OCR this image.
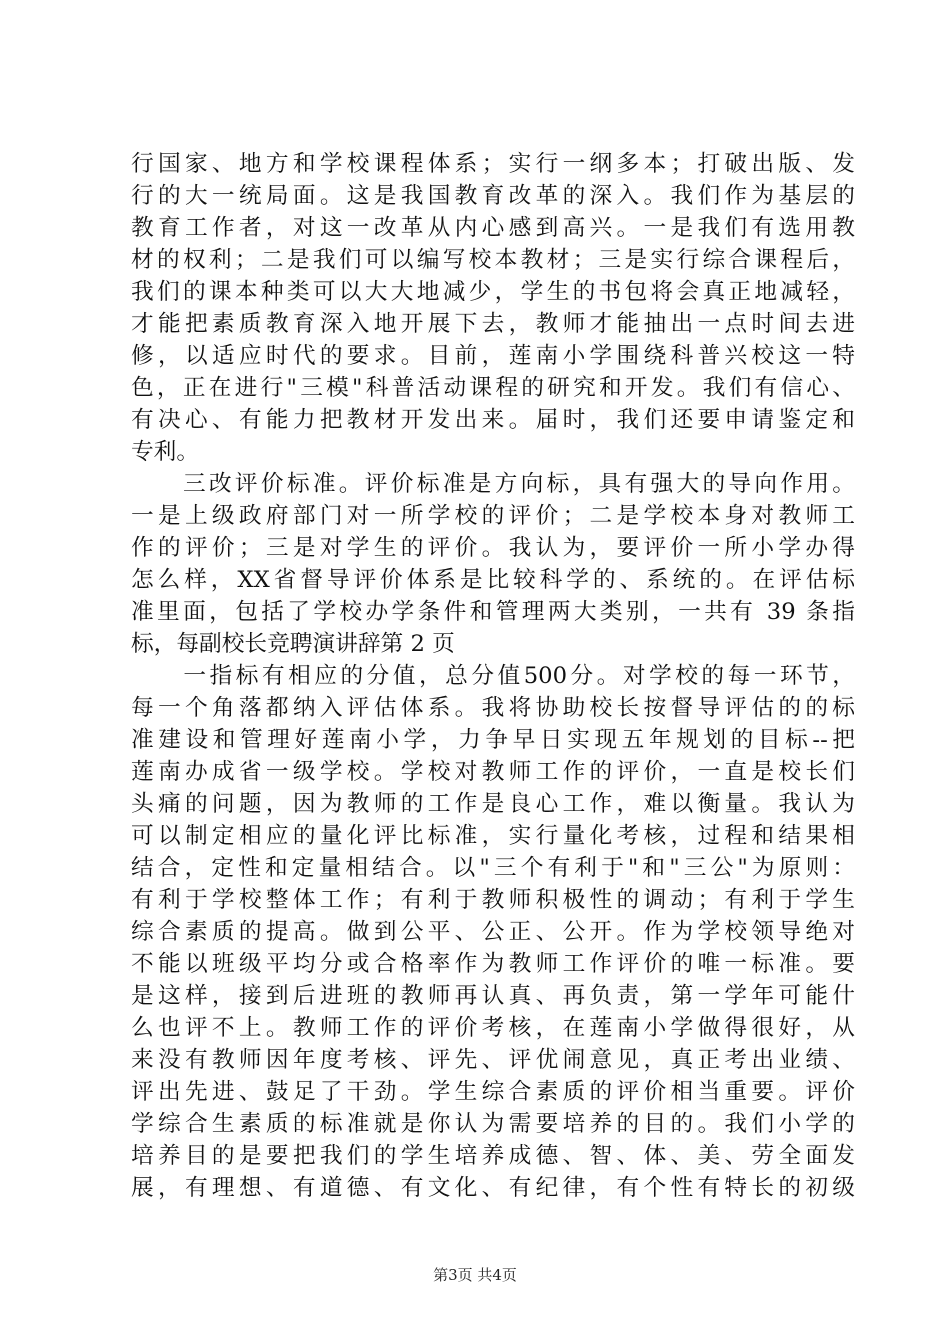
行国家、地方和学校课程体系；实行一纲多本；打破出版、发
行的大一统局面。这是我国教育改革的深入。我们作为基层的
教育工作者，对这一改革从内心感到高兴。一是我们有选用教
材的权利；二是我们可以编写校本教材；三是实行综合课程后，
我们的课本种类可以大大地减少，学生的书包将会真正地减轻，
才能把素质教育深入地开展下去，教师才能抽出一点时间去进
修，以适应时代的要求。目前，莲南小学围绕科普兴校这一特
色，正在进行"三模"科普活动课程的研究和开发。我们有信心、
有决心、有能力把教材开发出来。届时，我们还要申请鉴定和
专利。
　　三改评价标准。评价标准是方向标，具有强大的导向作用。
一是上级政府部门对一所学校的评价；二是学校本身对教师工
作的评价；三是对学生的评价。我认为，要评价一所小学办得
怎么样，XX省督导评价体系是比较科学的、系统的。在评估标
准里面，包括了学校办学条件和管理两大类别，一共有 39 条指
标，每副校长竞聘演讲辞第 2 页
　　一指标有相应的分值，总分值500分。对学校的每一环节，
每一个角落都纳入评估体系。我将协助校长按督导评估的的标
准建设和管理好莲南小学，力争早日实现五年规划的目标--把
莲南办成省一级学校。学校对教师工作的评价，一直是校长们
头痛的问题，因为教师的工作是良心工作，难以衡量。我认为
可以制定相应的量化评比标准，实行量化考核，过程和结果相
结合，定性和定量相结合。以"三个有利于"和"三公"为原则：
有利于学校整体工作；有利于教师积极性的调动；有利于学生
综合素质的提高。做到公平、公正、公开。作为学校领导绝对
不能以班级平均分或合格率作为教师工作评价的唯一标准。要
是这样，接到后进班的教师再认真、再负责，第一学年可能什
么也评不上。教师工作的评价考核，在莲南小学做得很好，从
来没有教师因年度考核、评先、评优闹意见，真正考出业绩、
评出先进、鼓足了干劲。学生综合素质的评价相当重要。评价
学综合生素质的标准就是你认为需要培养的目的。我们小学的
培养目的是要把我们的学生培养成德、智、体、美、劳全面发
展，有理想、有道德、有文化、有纪律，有个性有特长的初级
第3页 共4页
